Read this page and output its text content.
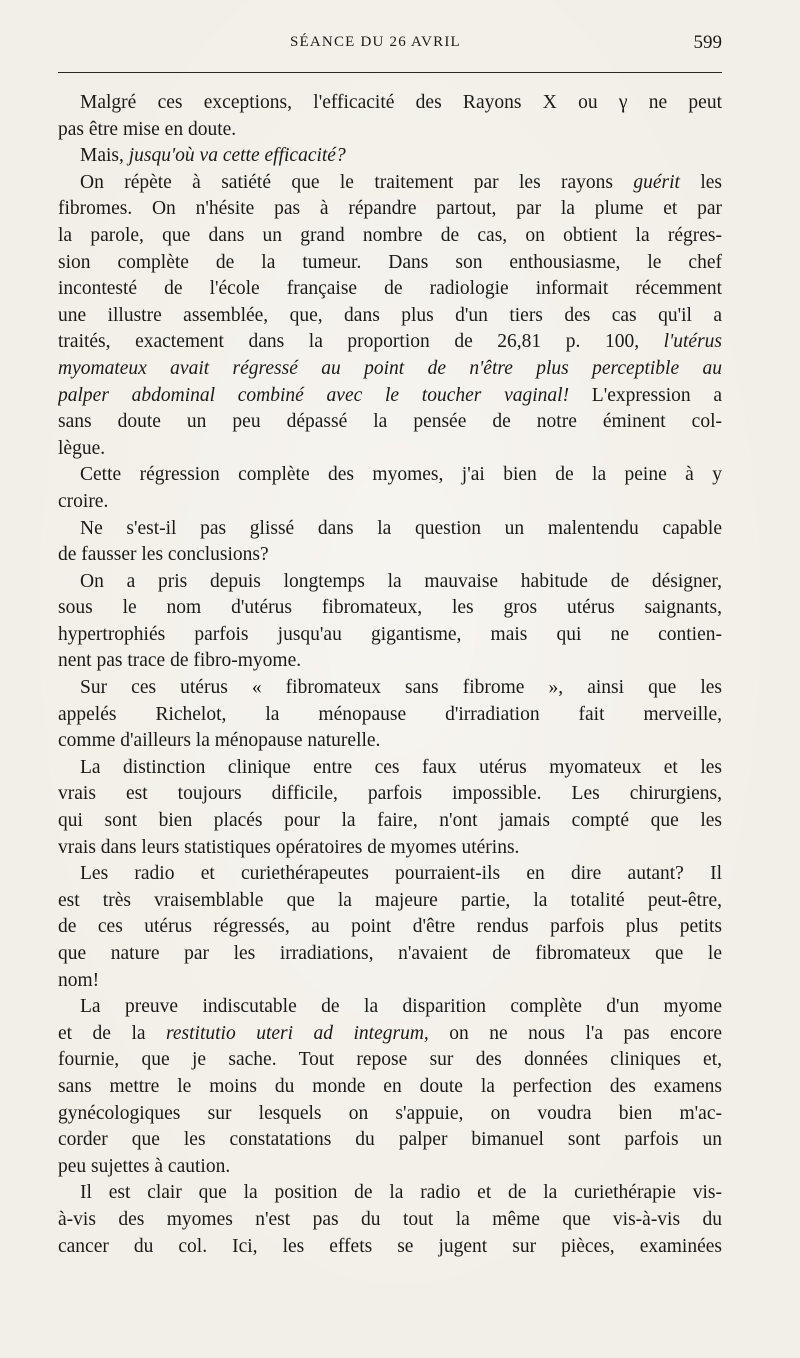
SÉANCE DU 26 AVRIL	599
Malgré ces exceptions, l'efficacité des Rayons X ou γ ne peut
pas être mise en doute.
Mais, jusqu'où va cette efficacité?
On répète à satiété que le traitement par les rayons guérit les
fibromes. On n'hésite pas à répandre partout, par la plume et par
la parole, que dans un grand nombre de cas, on obtient la régres-
sion complète de la tumeur. Dans son enthousiasme, le chef
incontesté de l'école française de radiologie informait récemment
une illustre assemblée, que, dans plus d'un tiers des cas qu'il a
traités, exactement dans la proportion de 26,81 p. 100, l'utérus
myomateux avait régressé au point de n'être plus perceptible au
palper abdominal combiné avec le toucher vaginal! L'expression a
sans doute un peu dépassé la pensée de notre éminent col-
lègue.
Cette régression complète des myomes, j'ai bien de la peine à y
croire.
Ne s'est-il pas glissé dans la question un malentendu capable
de fausser les conclusions?
On a pris depuis longtemps la mauvaise habitude de désigner,
sous le nom d'utérus fibromateux, les gros utérus saignants,
hypertrophiés parfois jusqu'au gigantisme, mais qui ne contien-
nent pas trace de fibro-myome.
Sur ces utérus « fibromateux sans fibrome », ainsi que les
appelés Richelot, la ménopause d'irradiation fait merveille,
comme d'ailleurs la ménopause naturelle.
La distinction clinique entre ces faux utérus myomateux et les
vrais est toujours difficile, parfois impossible. Les chirurgiens,
qui sont bien placés pour la faire, n'ont jamais compté que les
vrais dans leurs statistiques opératoires de myomes utérins.
Les radio et curiethérapeutes pourraient-ils en dire autant? Il
est très vraisemblable que la majeure partie, la totalité peut-être,
de ces utérus régressés, au point d'être rendus parfois plus petits
que nature par les irradiations, n'avaient de fibromateux que le
nom!
La preuve indiscutable de la disparition complète d'un myome
et de la restitutio uteri ad integrum, on ne nous l'a pas encore
fournie, que je sache. Tout repose sur des données cliniques et,
sans mettre le moins du monde en doute la perfection des examens
gynécologiques sur lesquels on s'appuie, on voudra bien m'ac-
corder que les constatations du palper bimanuel sont parfois un
peu sujettes à caution.
Il est clair que la position de la radio et de la curiethérapie vis-
à-vis des myomes n'est pas du tout la même que vis-à-vis du
cancer du col. Ici, les effets se jugent sur pièces, examinées
